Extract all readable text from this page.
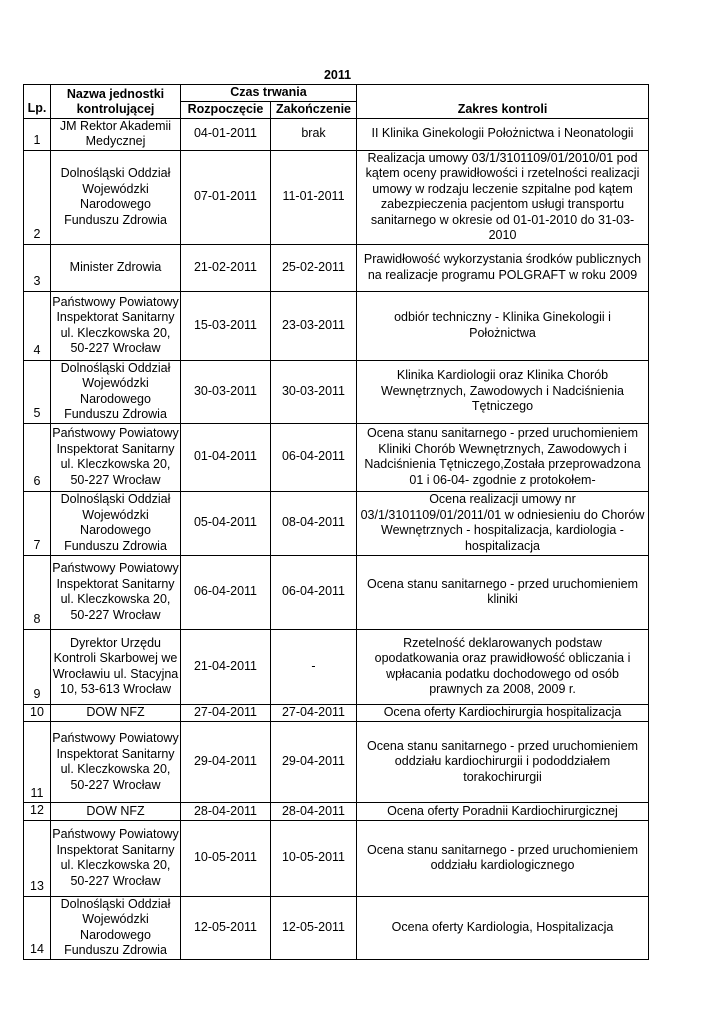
2011
Lp.	Nazwa jednostki kontrolującej	Czas trwania		Zakres kontroli
		Rozpoczęcie	Zakończenie	
1	JM Rektor Akademii Medycznej	04-01-2011	brak	II Klinika Ginekologii Położnictwa i Neonatologii
2	Dolnośląski Oddział Wojewódzki Narodowego Funduszu Zdrowia	07-01-2011	11-01-2011	Realizacja umowy 03/1/3101109/01/2010/01 pod kątem oceny prawidłowości i rzetelności realizacji umowy w rodzaju leczenie szpitalne pod kątem zabezpieczenia pacjentom usługi transportu sanitarnego w okresie od 01-01-2010 do 31-03-2010
3	Minister Zdrowia	21-02-2011	25-02-2011	Prawidłowość wykorzystania środków publicznych na realizacje programu POLGRAFT w roku 2009
4	Państwowy Powiatowy Inspektorat Sanitarny ul. Kleczkowska 20, 50-227 Wrocław	15-03-2011	23-03-2011	odbiór techniczny - Klinika Ginekologii i Położnictwa
5	Dolnośląski Oddział Wojewódzki Narodowego Funduszu Zdrowia	30-03-2011	30-03-2011	Klinika Kardiologii oraz Klinika Chorób Wewnętrznych, Zawodowych i Nadciśnienia Tętniczego
6	Państwowy Powiatowy Inspektorat Sanitarny ul. Kleczkowska 20, 50-227 Wrocław	01-04-2011	06-04-2011	Ocena stanu sanitarnego - przed uruchomieniem Kliniki Chorób Wewnętrznych, Zawodowych i Nadciśnienia Tętniczego,Została przeprowadzona 01 i 06-04- zgodnie z protokołem-
7	Dolnośląski Oddział Wojewódzki Narodowego Funduszu Zdrowia	05-04-2011	08-04-2011	Ocena realizacji umowy nr 03/1/3101109/01/2011/01 w odniesieniu do Chorów Wewnętrznych - hospitalizacja, kardiologia - hospitalizacja
8	Państwowy Powiatowy Inspektorat Sanitarny ul. Kleczkowska 20, 50-227 Wrocław	06-04-2011	06-04-2011	Ocena stanu sanitarnego - przed uruchomieniem kliniki
9	Dyrektor Urzędu Kontroli Skarbowej we Wrocławiu ul. Stacyjna 10, 53-613 Wrocław	21-04-2011	-	Rzetelność deklarowanych podstaw opodatkowania oraz prawidłowość obliczania i wpłacania podatku dochodowego od osób prawnych za 2008, 2009 r.
10	DOW NFZ	27-04-2011	27-04-2011	Ocena oferty Kardiochirurgia hospitalizacja
11	Państwowy Powiatowy Inspektorat Sanitarny ul. Kleczkowska 20, 50-227 Wrocław	29-04-2011	29-04-2011	Ocena stanu sanitarnego - przed uruchomieniem oddziału kardiochirurgii i pododdziałem torakochirurgii
12	DOW NFZ	28-04-2011	28-04-2011	Ocena oferty Poradnii Kardiochirurgicznej
13	Państwowy Powiatowy Inspektorat Sanitarny ul. Kleczkowska 20, 50-227 Wrocław	10-05-2011	10-05-2011	Ocena stanu sanitarnego - przed uruchomieniem oddziału kardiologicznego
14	Dolnośląski Oddział Wojewódzki Narodowego Funduszu Zdrowia	12-05-2011	12-05-2011	Ocena oferty Kardiologia, Hospitalizacja
